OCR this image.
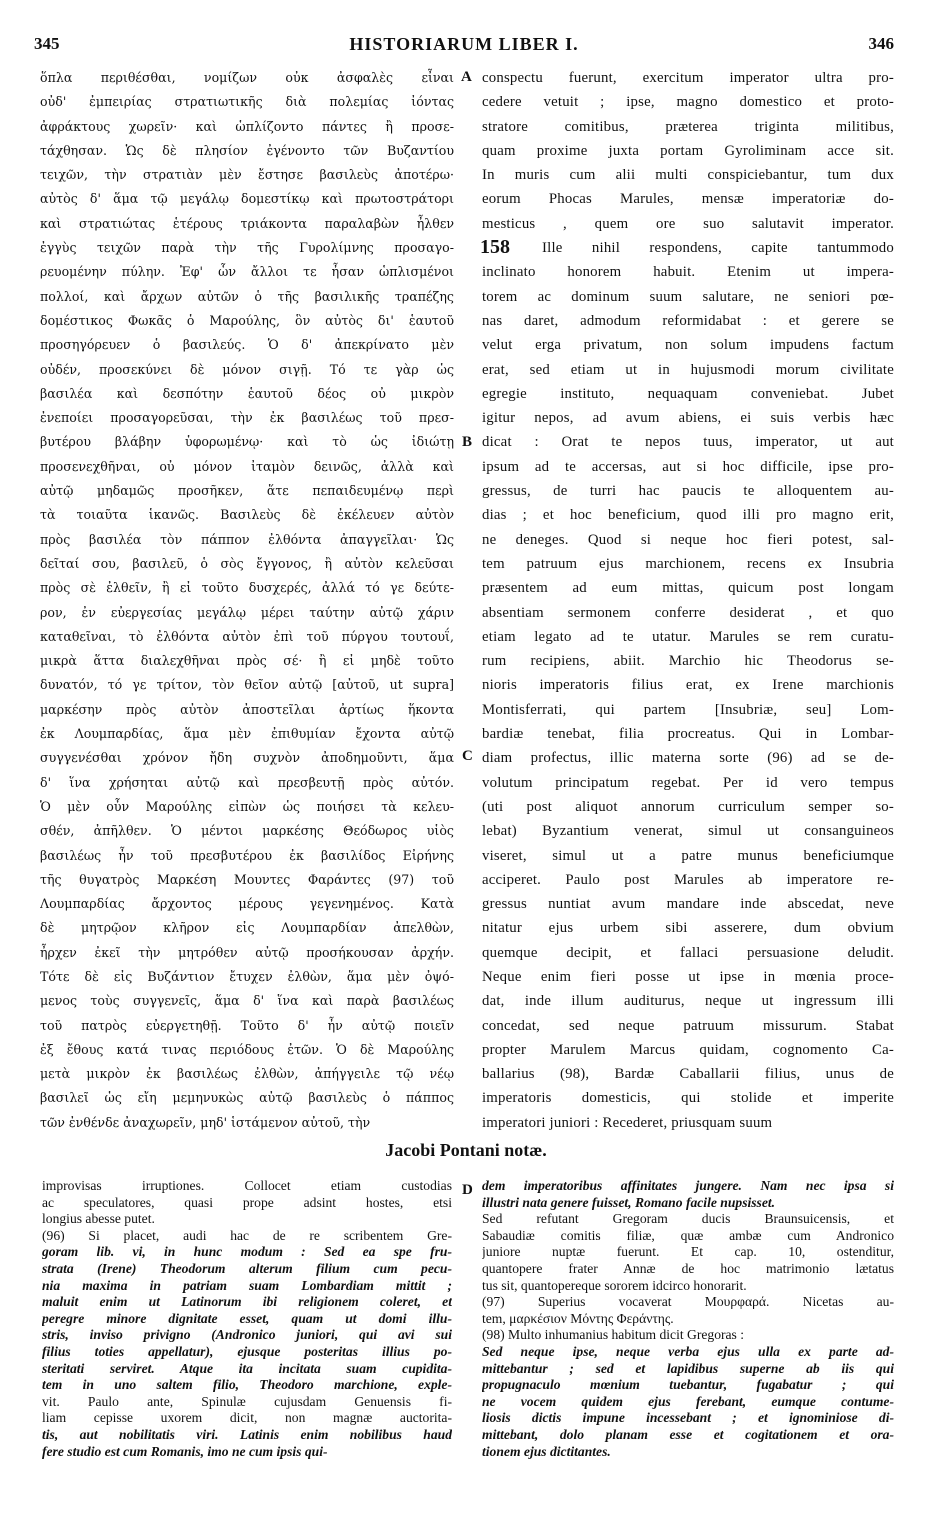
345	HISTORIARUM LIBER I.	346
ὅπλα περιθέσθαι, νομίζων οὐκ ἀσφαλὲς εἶναι
οὐδ' ἐμπειρίας στρατιωτικῆς διὰ πολεμίας ἰόντας
ἀφράκτους χωρεῖν· καὶ ὡπλίζοντο πάντες ἢ προσε-
τάχθησαν. Ὡς δὲ πλησίον ἐγένοντο τῶν Βυζαντίου
τειχῶν, τὴν στρατιὰν μὲν ἔστησε βασιλεὺς ἀποτέρω·
αὐτὸς δ' ἅμα τῷ μεγάλῳ δομεστίκῳ καὶ πρωτοστράτορι
καὶ στρατιώτας ἑτέρους τριάκοντα παραλαβὼν ἦλθεν
ἐγγὺς τειχῶν παρὰ τὴν τῆς Γυρολίμνης προσαγο-
ρευομένην πύλην. Ἐφ' ὧν ἄλλοι τε ἦσαν ὡπλισμένοι
πολλοί, καὶ ἄρχων αὐτῶν ὁ τῆς βασιλικῆς τραπέζης
δομέστικος Φωκᾶς ὁ Μαρούλης, ὃν αὐτὸς δι' ἑαυτοῦ
προσηγόρευεν ὁ βασιλεύς. Ὁ δ' ἀπεκρίνατο μὲν
οὐδέν, προσεκύνει δὲ μόνον σιγῇ. Τό τε γὰρ ὡς
βασιλέα καὶ δεσπότην ἑαυτοῦ δέος οὐ μικρὸν
ἐνεποίει προσαγορεῦσαι, τὴν ἐκ βασιλέως τοῦ πρεσ-
βυτέρου βλάβην ὑφορωμένῳ· καὶ τὸ ὡς ἰδιώτῃ
προσενεχθῆναι, οὐ μόνον ἰταμὸν δεινῶς, ἀλλὰ καὶ
αὐτῷ μηδαμῶς προσῆκεν, ἅτε πεπαιδευμένῳ περὶ
τὰ τοιαῦτα ἱκανῶς. Βασιλεὺς δὲ ἐκέλευεν αὐτὸν
πρὸς βασιλέα τὸν πάππον ἐλθόντα ἀπαγγεῖλαι· Ὡς
δεῖταί σου, βασιλεῦ, ὁ σὸς ἔγγονος, ἢ αὐτὸν κελεῦσαι
πρὸς σὲ ἐλθεῖν, ἢ εἰ τοῦτο δυσχερές, ἀλλά τό γε δεύτε-
ρον, ἐν εὐεργεσίας μεγάλῳ μέρει ταύτην αὐτῷ χάριν
καταθεῖναι, τὸ ἐλθόντα αὐτὸν ἐπὶ τοῦ πύργου τουτουΐ,
μικρὰ ἅττα διαλεχθῆναι πρὸς σέ· ἢ εἰ μηδὲ τοῦτο
δυνατόν, τό γε τρίτον, τὸν θεῖον αὐτῷ [αὐτοῦ, ut supra]
μαρκέσην πρὸς αὐτὸν ἀποστεῖλαι ἀρτίως ἥκοντα
ἐκ Λουμπαρδίας, ἅμα μὲν ἐπιθυμίαν ἔχοντα αὐτῷ
συγγενέσθαι χρόνον ἤδη συχνὸν ἀποδημοῦντι, ἅμα
δ' ἵνα χρήσηται αὐτῷ καὶ πρεσβευτῇ πρὸς αὐτόν.
Ὁ μὲν οὖν Μαρούλης εἰπὼν ὡς ποιήσει τὰ κελευ-
σθέν, ἀπῆλθεν. Ὁ μέντοι μαρκέσης Θεόδωρος υἱὸς
βασιλέως ἦν τοῦ πρεσβυτέρου ἐκ βασιλίδος Εἰρήνης
τῆς θυγατρὸς Μαρκέση Μουντες Φαράντες (97) τοῦ
Λουμπαρδίας ἄρχοντος μέρους γεγενημένος. Κατὰ
δὲ μητρῷον κλῆρον εἰς Λουμπαρδίαν ἀπελθὼν,
ἦρχεν ἐκεῖ τὴν μητρόθεν αὐτῷ προσήκουσαν ἀρχήν.
Τότε δὲ εἰς Βυζάντιον ἔτυχεν ἐλθὼν, ἅμα μὲν ὀψό-
μενος τοὺς συγγενεῖς, ἅμα δ' ἵνα καὶ παρὰ βασιλέως
τοῦ πατρὸς εὐεργετηθῇ. Τοῦτο δ' ἦν αὐτῷ ποιεῖν
ἐξ ἔθους κατά τινας περιόδους ἐτῶν. Ὁ δὲ Μαρούλης
μετὰ μικρὸν ἐκ βασιλέως ἐλθὼν, ἀπήγγειλε τῷ νέῳ
βασιλεῖ ὡς εἴη μεμηνυκὼς αὐτῷ βασιλεὺς ὁ πάππος
τῶν ἐνθένδε ἀναχωρεῖν, μηδ' ἱστάμενον αὐτοῦ, τὴν
conspectu fuerunt, exercitum imperator ultra pro-
cedere vetuit ; ipse, magno domestico et proto-
stratore comitibus, præterea triginta militibus,
quam proxime juxta portam Gyroliminam acce sit.
In muris cum alii multi conspiciebantur, tum dux
eorum Phocas Marules, mensæ imperatoriæ do-
mesticus , quem ore suo salutavit imperator.
Ille nihil respondens, capite tantummodo
inclinato honorem habuit. Etenim ut impera-
torem ac dominum suum salutare, ne seniori pœ-
nas daret, admodum reformidabat : et gerere se
velut erga privatum, non solum impudens factum
erat, sed etiam ut in hujusmodi morum civilitate
egregie instituto, nequaquam conveniebat. Jubet
igitur nepos, ad avum abiens, ei suis verbis hæc
dicat : Orat te nepos tuus, imperator, ut aut
ipsum ad te accersas, aut si hoc difficile, ipse pro-
gressus, de turri hac paucis te alloquentem au-
dias ; et hoc beneficium, quod illi pro magno erit,
ne deneges. Quod si neque hoc fieri potest, sal-
tem patruum ejus marchionem, recens ex Insubria
præsentem ad eum mittas, quicum post longam
absentiam sermonem conferre desiderat , et quo
etiam legato ad te utatur. Marules se rem curatu-
rum recipiens, abiit. Marchio hic Theodorus se-
nioris imperatoris filius erat, ex Irene marchionis
Montisferrati, qui partem [Insubriæ, seu] Lom-
bardiæ tenebat, filia procreatus. Qui in Lombar-
diam profectus, illic materna sorte (96) ad se de-
volutum principatum regebat. Per id vero tempus
(uti post aliquot annorum curriculum semper so-
lebat) Byzantium venerat, simul ut consanguineos
viseret, simul ut a patre munus beneficiumque
acciperet. Paulo post Marules ab imperatore re-
gressus nuntiat avum mandare inde abscedat, neve
nitatur ejus urbem sibi asserere, dum obvium
quemque decipit, et fallaci persuasione deludit.
Neque enim fieri posse ut ipse in mœnia proce-
dat, inde illum auditurus, neque ut ingressum illi
concedat, sed neque patruum missurum. Stabat
propter Marulem Marcus quidam, cognomento Ca-
ballarius (98), Bardæ Caballarii filius, unus de
imperatoris domesticis, qui stolide et imperite
imperatori juniori : Recederet, priusquam suum
A
B
C
D
158
Jacobi Pontani notæ.
improvisas irruptiones. Collocet etiam custodias
ac speculatores, quasi prope adsint hostes, etsi
longius abesse putet.
(96) Si placet, audi hac de re scribentem Gre-
goram lib. vi, in hunc modum : Sed ea spe fru-
strata (Irene) Theodorum alterum filium cum pecu-
nia maxima in patriam suam Lombardiam mittit ;
maluit enim ut Latinorum ibi religionem coleret, et
peregre minore dignitate esset, quam ut domi illu-
stris, inviso privigno (Andronico juniori, qui avi sui
filius toties appellatur), ejusque posteritas illius po-
steritati serviret. Atque ita incitata suam cupidita-
tem in uno saltem filio, Theodoro marchione, exple-
vit. Paulo ante, Spinulæ cujusdam Genuensis fi-
liam cepisse uxorem dicit, non magnæ auctorita-
tis, aut nobilitatis viri. Latinis enim nobilibus haud
fere studio est cum Romanis, imo ne cum ipsis qui-
dem imperatoribus affinitates jungere. Nam nec ipsa si
illustri nata genere fuisset, Romano facile nupsisset.
Sed refutant Gregoram ducis Braunsuicensis, et
Sabaudiæ comitis filiæ, quæ ambæ cum Andronico
juniore nuptæ fuerunt. Et cap. 10, ostenditur,
quantopere frater Annæ de hoc matrimonio lætatus
tus sit, quantopereque sororem idcirco honorarit.
(97) Superius vocaverat Μουρφαρά. Nicetas au-
tem, μαρκέσιον Μόντης Φεράντης.
(98) Multo inhumanius habitum dicit Gregoras :
Sed neque ipse, neque verba ejus ulla ex parte ad-
mittebantur ; sed et lapidibus superne ab iis qui
propugnaculo mœnium tuebantur, fugabatur ; qui
ne vocem quidem ejus ferebant, eumque contume-
liosis dictis impune incessebant ; et ignominiose di-
mittebant, dolo planam esse et cogitationem et ora-
tionem ejus dictitantes.
